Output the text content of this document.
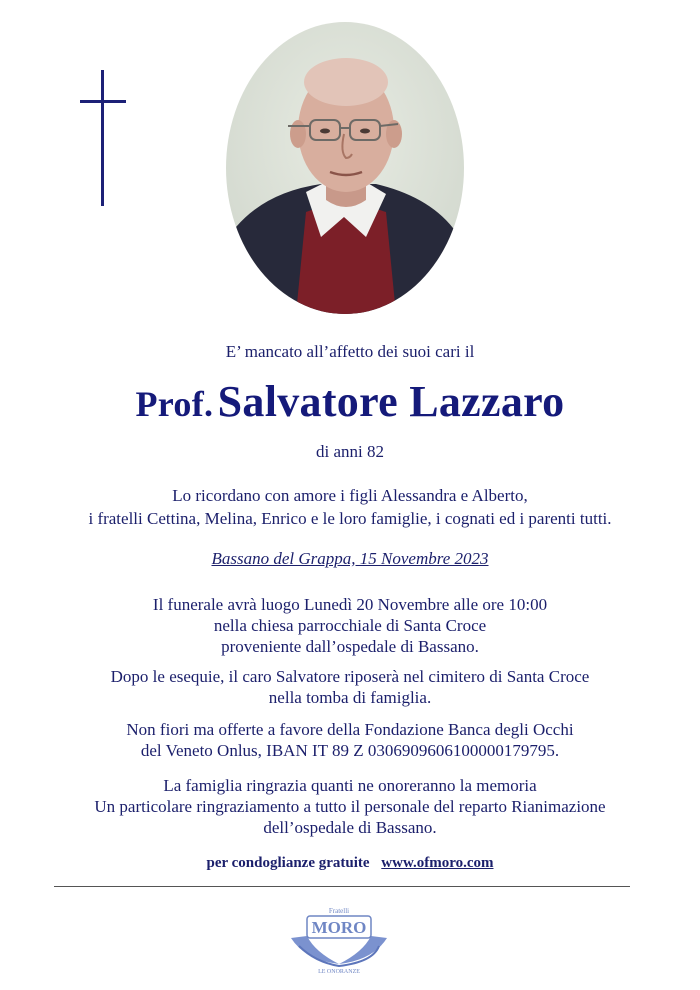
E’ mancato all’affetto dei suoi cari il
Prof. Salvatore Lazzaro
di anni 82
Lo ricordano con amore i figli Alessandra e Alberto,
i fratelli Cettina, Melina, Enrico e le loro famiglie, i cognati ed i parenti tutti.
Bassano del Grappa, 15 Novembre 2023
Il funerale avrà luogo Lunedì 20 Novembre alle ore 10:00
nella chiesa parrocchiale di Santa Croce
proveniente dall’ospedale di Bassano.
Dopo le esequie, il caro Salvatore riposerà nel cimitero di Santa Croce
nella tomba di famiglia.
Non fiori ma offerte a favore della Fondazione Banca degli Occhi
del Veneto Onlus, IBAN IT 89 Z 0306909606100000179795.
La famiglia ringrazia quanti ne onoreranno la memoria
Un particolare ringraziamento a tutto il personale del reparto Rianimazione
dell’ospedale di Bassano.
per condoglianze gratuite www.ofmoro.com
Fratelli
MORO
LE ONORANZE
